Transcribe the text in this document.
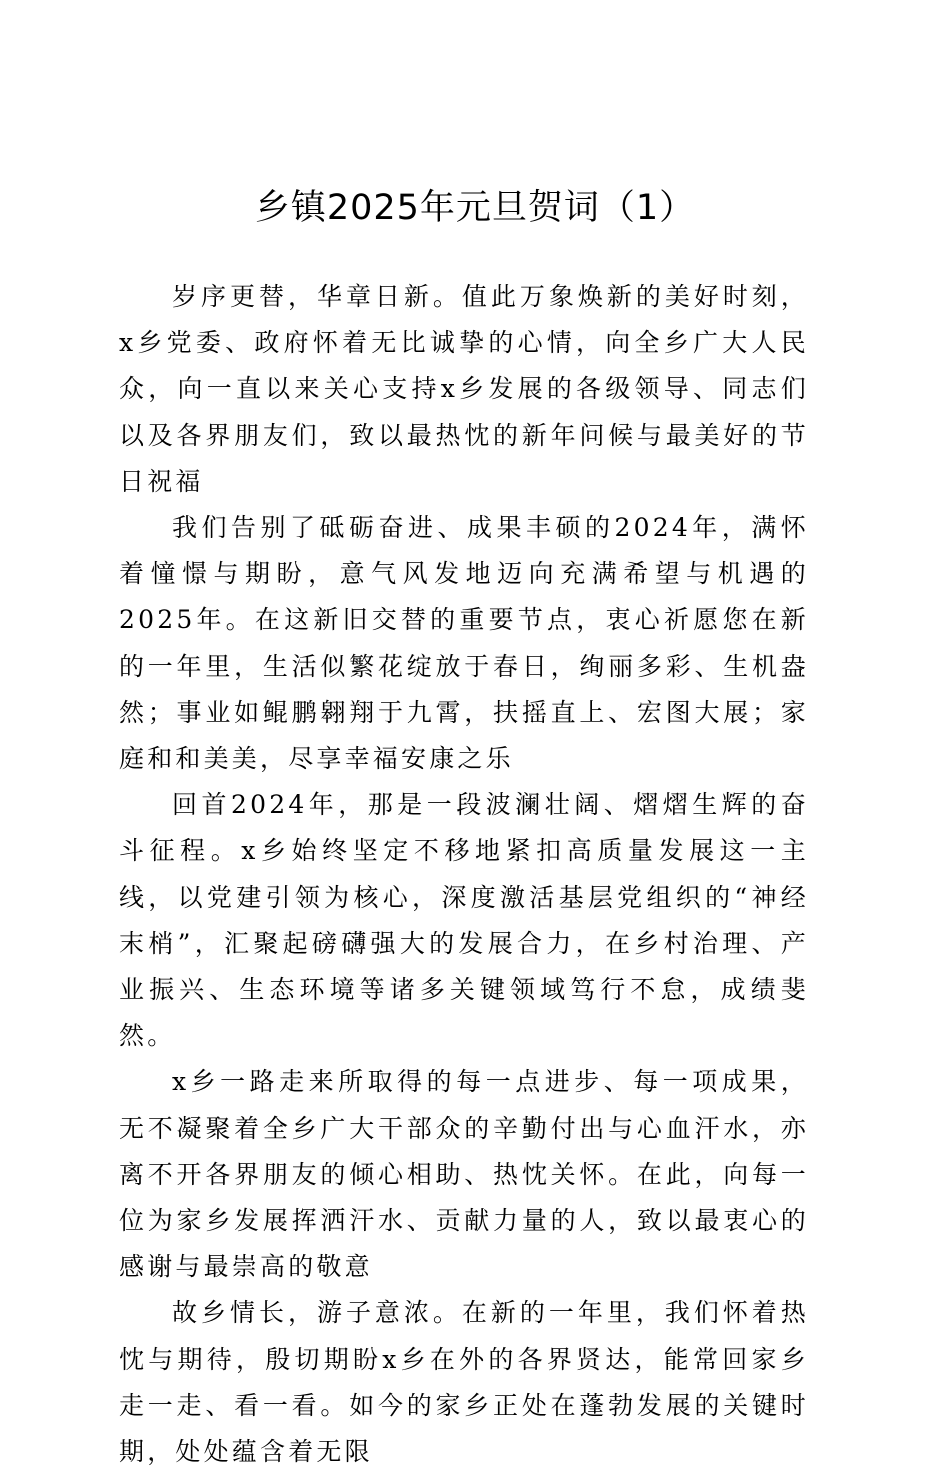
乡镇2025年元旦贺词（1）

岁序更替，华章日新。值此万象焕新的美好时刻，x乡党委、政府怀着无比诚挚的心情，向全乡广大人民众，向一直以来关心支持x乡发展的各级领导、同志们以及各界朋友们，致以最热忱的新年问候与最美好的节日祝福

我们告别了砥砺奋进、成果丰硕的2024年，满怀着憧憬与期盼，意气风发地迈向充满希望与机遇的2025年。在这新旧交替的重要节点，衷心祈愿您在新的一年里，生活似繁花绽放于春日，绚丽多彩、生机盎然；事业如鲲鹏翱翔于九霄，扶摇直上、宏图大展；家庭和和美美，尽享幸福安康之乐

回首2024年，那是一段波澜壮阔、熠熠生辉的奋斗征程。x乡始终坚定不移地紧扣高质量发展这一主线，以党建引领为核心，深度激活基层党组织的“神经末梢”，汇聚起磅礴强大的发展合力，在乡村治理、产业振兴、生态环境等诸多关键领域笃行不怠，成绩斐然。

x乡一路走来所取得的每一点进步、每一项成果，无不凝聚着全乡广大干部众的辛勤付出与心血汗水，亦离不开各界朋友的倾心相助、热忱关怀。在此，向每一位为家乡发展挥洒汗水、贡献力量的人，致以最衷心的感谢与最崇高的敬意

故乡情长，游子意浓。在新的一年里，我们怀着热忱与期待，殷切期盼x乡在外的各界贤达，能常回家乡走一走、看一看。如今的家乡正处在蓬勃发展的关键时期，处处蕴含着无限
